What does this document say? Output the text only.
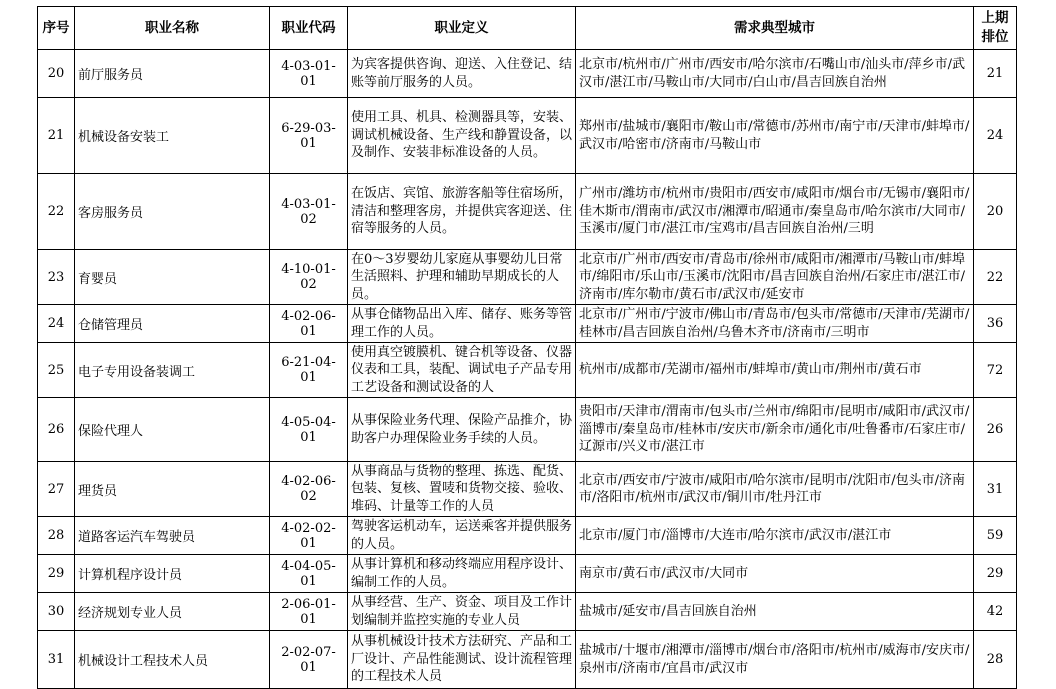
序号	职业名称	职业代码	职业定义	需求典型城市	上期
排位

20	前厅服务员	4-03-01-01	为宾客提供咨询、迎送、入住登记、结账等前厅服务的人员。	北京市/杭州市/广州市/西安市/哈尔滨市/石嘴山市/汕头市/萍乡市/武汉市/湛江市/马鞍山市/大同市/白山市/昌吉回族自治州	21
21	机械设备安装工	6-29-03-01	使用工具、机具、检测器具等，安装、调试机械设备、生产线和静置设备，以及制作、安装非标准设备的人员。	郑州市/盐城市/襄阳市/鞍山市/常德市/苏州市/南宁市/天津市/蚌埠市/武汉市/哈密市/济南市/马鞍山市	24
22	客房服务员	4-03-01-02	在饭店、宾馆、旅游客船等住宿场所，清洁和整理客房，并提供宾客迎送、住宿等服务的人员。	广州市/潍坊市/杭州市/贵阳市/西安市/咸阳市/烟台市/无锡市/襄阳市/佳木斯市/渭南市/武汉市/湘潭市/昭通市/秦皇岛市/哈尔滨市/大同市/玉溪市/厦门市/湛江市/宝鸡市/昌吉回族自治州/三明	20
23	育婴员	4-10-01-02	在0～3岁婴幼儿家庭从事婴幼儿日常生活照料、护理和辅助早期成长的人员。	北京市/广州市/西安市/青岛市/徐州市/咸阳市/湘潭市/马鞍山市/蚌埠市/绵阳市/乐山市/玉溪市/沈阳市/昌吉回族自治州/石家庄市/湛江市/济南市/库尔勒市/黄石市/武汉市/延安市	22
24	仓储管理员	4-02-06-01	从事仓储物品出入库、储存、账务等管理工作的人员。	北京市/广州市/宁波市/佛山市/青岛市/包头市/常德市/天津市/芜湖市/桂林市/昌吉回族自治州/乌鲁木齐市/济南市/三明市	36
25	电子专用设备装调工	6-21-04-01	使用真空镀膜机、键合机等设备、仪器仪表和工具，装配、调试电子产品专用工艺设备和测试设备的人	杭州市/成都市/芜湖市/福州市/蚌埠市/黄山市/荆州市/黄石市	72
26	保险代理人	4-05-04-01	从事保险业务代理、保险产品推介，协助客户办理保险业务手续的人员。	贵阳市/天津市/渭南市/包头市/兰州市/绵阳市/昆明市/咸阳市/武汉市/淄博市/秦皇岛市/桂林市/安庆市/新余市/通化市/吐鲁番市/石家庄市/辽源市/兴义市/湛江市	26
27	理货员	4-02-06-02	从事商品与货物的整理、拣选、配货、包装、复核、置唛和货物交接、验收、堆码、计量等工作的人员	北京市/西安市/宁波市/咸阳市/哈尔滨市/昆明市/沈阳市/包头市/济南市/洛阳市/杭州市/武汉市/铜川市/牡丹江市	31
28	道路客运汽车驾驶员	4-02-02-01	驾驶客运机动车，运送乘客并提供服务的人员。	北京市/厦门市/淄博市/大连市/哈尔滨市/武汉市/湛江市	59
29	计算机程序设计员	4-04-05-01	从事计算机和移动终端应用程序设计、编制工作的人员。	南京市/黄石市/武汉市/大同市	29
30	经济规划专业人员	2-06-01-01	从事经营、生产、资金、项目及工作计划编制并监控实施的专业人员	盐城市/延安市/昌吉回族自治州	42
31	机械设计工程技术人员	2-02-07-01	从事机械设计技术方法研究、产品和工厂设计、产品性能测试、设计流程管理的工程技术人员	盐城市/十堰市/湘潭市/淄博市/烟台市/洛阳市/杭州市/威海市/安庆市/泉州市/济南市/宜昌市/武汉市	28
